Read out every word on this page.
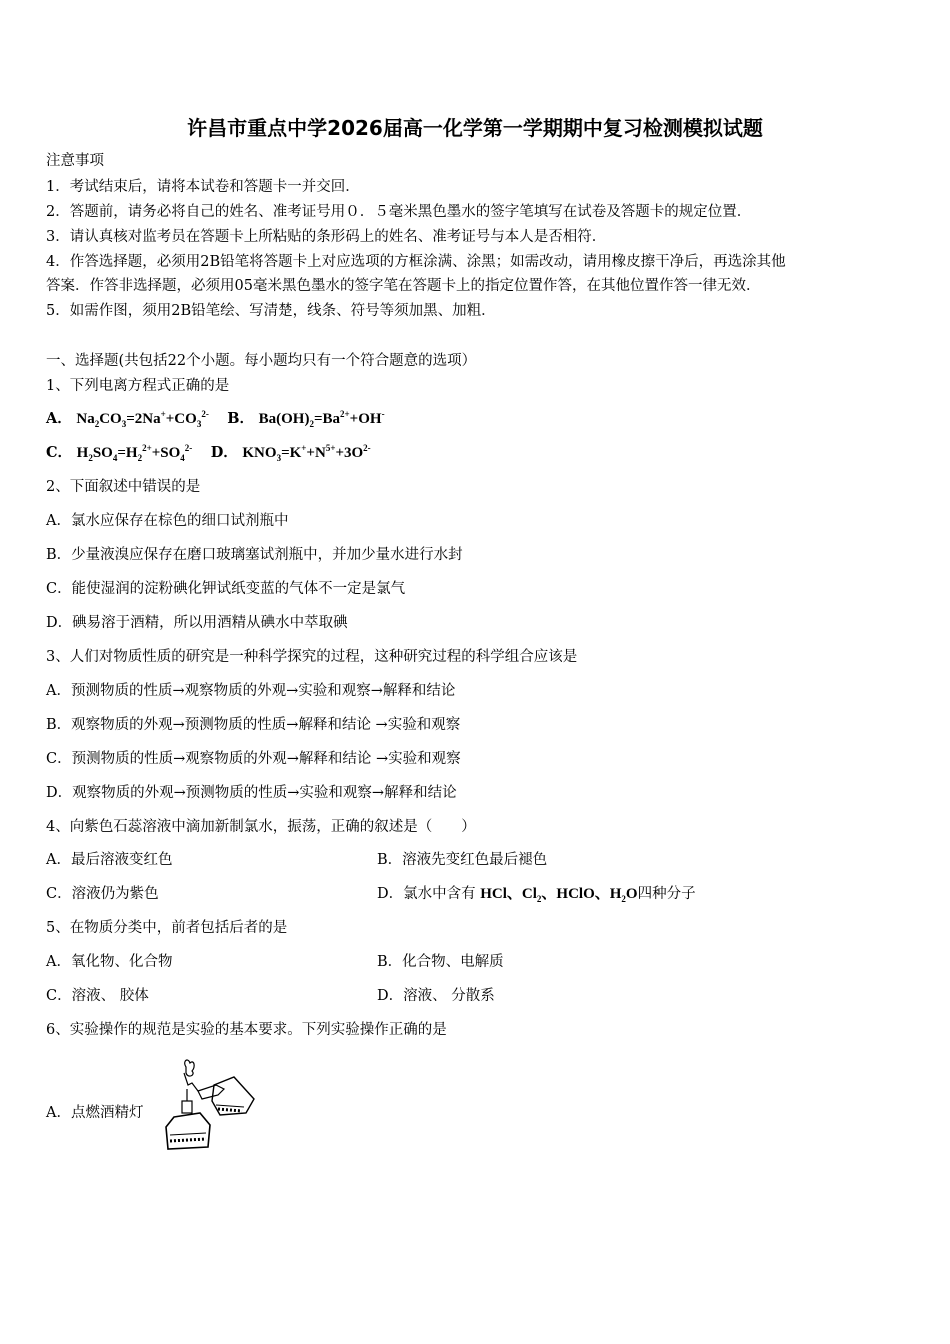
许昌市重点中学2026届高一化学第一学期期中复习检测模拟试题
注意事项
1．考试结束后，请将本试卷和答题卡一并交回．
2．答题前，请务必将自己的姓名、准考证号用０．５毫米黑色墨水的签字笔填写在试卷及答题卡的规定位置．
3．请认真核对监考员在答题卡上所粘贴的条形码上的姓名、准考证号与本人是否相符．
4．作答选择题，必须用2B铅笔将答题卡上对应选项的方框涂满、涂黑；如需改动，请用橡皮擦干净后，再选涂其他
答案．作答非选择题，必须用05毫米黑色墨水的签字笔在答题卡上的指定位置作答，在其他位置作答一律无效．
5．如需作图，须用2B铅笔绘、写清楚，线条、符号等须加黑、加粗．
一、选择题(共包括22个小题。每小题均只有一个符合题意的选项）
1、下列电离方程式正确的是
A． $Na_2CO_3=2Na^++CO_3^{2-}$ B． $Ba(OH)_2=Ba^{2+}+OH^-$
C． $H_2SO_4=H_2^{2+}+SO_4^{2-}$ D． $KNO_3=K^++N^{5+}+3O^{2-}$
2、下面叙述中错误的是
A．氯水应保存在棕色的细口试剂瓶中
B．少量液溴应保存在磨口玻璃塞试剂瓶中，并加少量水进行水封
C．能使湿润的淀粉碘化钾试纸变蓝的气体不一定是氯气
D．碘易溶于酒精，所以用酒精从碘水中萃取碘
3、人们对物质性质的研究是一种科学探究的过程，这种研究过程的科学组合应该是
A．预测物质的性质→观察物质的外观→实验和观察→解释和结论
B．观察物质的外观→预测物质的性质→解释和结论 →实验和观察
C．预测物质的性质→观察物质的外观→解释和结论 →实验和观察
D．观察物质的外观→预测物质的性质→实验和观察→解释和结论
4、向紫色石蕊溶液中滴加新制氯水，振荡，正确的叙述是（　　）
A．最后溶液变红色	B．溶液先变红色最后褪色
C．溶液仍为紫色	D．氯水中含有 HCl、$Cl_2$、HClO、$H_2O$四种分子
5、在物质分类中，前者包括后者的是
A．氧化物、化合物	B．化合物、电解质
C．溶液、 胶体	D．溶液、 分散系
6、实验操作的规范是实验的基本要求。下列实验操作正确的是
A．点燃酒精灯
